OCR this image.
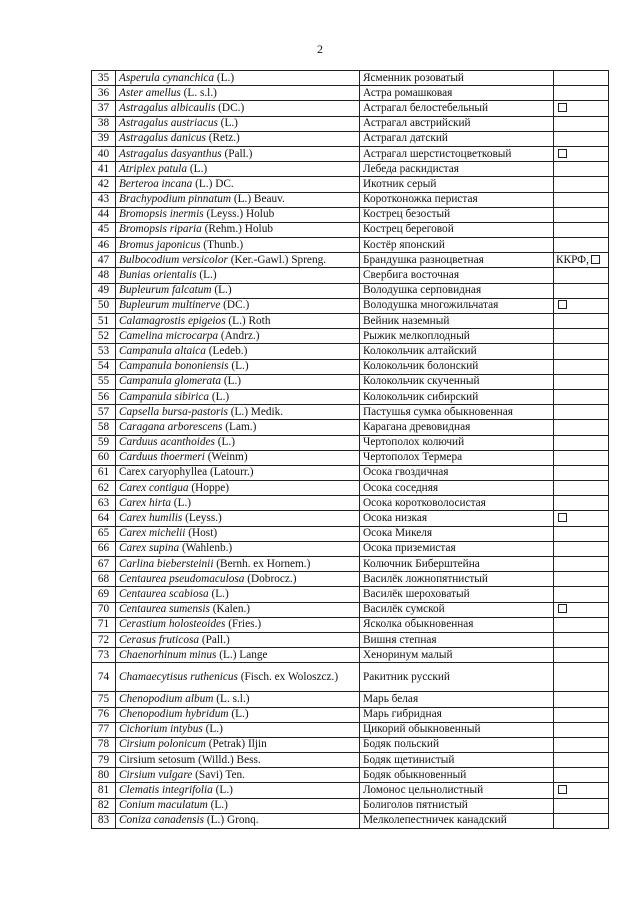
2
35	Asperula cynanchica (L.)	Ясменник розоватый	
36	Aster amellus (L. s.l.)	Астра ромашковая	
37	Astragalus albicaulis (DC.)	Астрагал белостебельный	
38	Astragalus austriacus (L.)	Астрагал австрийский	
39	Astragalus danicus (Retz.)	Астрагал датский	
40	Astragalus dasyanthus (Pall.)	Астрагал шерстистоцветковый	
41	Atriplex patula (L.)	Лебеда раскидистая	
42	Berteroa incana (L.) DC.	Икотник серый	
43	Brachypodium pinnatum (L.) Beauv.	Коротконожка перистая	
44	Bromopsis inermis (Leyss.) Holub	Кострец безостый	
45	Bromopsis riparia (Rehm.) Holub	Кострец береговой	
46	Bromus japonicus (Thunb.)	Костёр японский	
47	Bulbocodium versicolor (Ker.-Gawl.) Spreng.	Брандушка разноцветная	ККРФ,
48	Bunias orientalis (L.)	Свербига восточная	
49	Bupleurum falcatum (L.)	Володушка серповидная	
50	Bupleurum multinerve (DC.)	Володушка многожильчатая	
51	Calamagrostis epigeios (L.) Roth	Вейник наземный	
52	Camelina microcarpa (Andrz.)	Рыжик мелкоплодный	
53	Campanula altaica (Ledeb.)	Колокольчик алтайский	
54	Campanula bononiensis (L.)	Колокольчик болонский	
55	Campanula glomerata (L.)	Колокольчик скученный	
56	Campanula sibirica (L.)	Колокольчик сибирский	
57	Capsella bursa-pastoris (L.) Medik.	Пастушья сумка обыкновенная	
58	Caragana arborescens (Lam.)	Карагана древовидная	
59	Carduus acanthoides (L.)	Чертополох колючий	
60	Carduus thoermeri (Weinm)	Чертополох Термера	
61	Carex caryophyllea (Latourr.)	Осока гвоздичная	
62	Carex contigua (Hoppe)	Осока соседняя	
63	Carex hirta (L.)	Осока коротковолосистая	
64	Carex humilis (Leyss.)	Осока низкая	
65	Carex michelii (Host)	Осока Микеля	
66	Carex supina (Wahlenb.)	Осока приземистая	
67	Carlina biebersteinii (Bernh. ex Hornem.)	Колючник Биберштейна	
68	Centaurea pseudomaculosa (Dobrocz.)	Василёк ложнопятнистый	
69	Centaurea scabiosa (L.)	Василёк шероховатый	
70	Centaurea sumensis (Kalen.)	Василёк сумской	
71	Cerastium holosteoides (Fries.)	Ясколка обыкновенная	
72	Cerasus fruticosa (Pall.)	Вишня степная	
73	Chaenorhinum minus (L.) Lange	Хеноринум малый	
74	Chamaecytisus ruthenicus (Fisch. ex Woloszcz.)	Ракитник русский	
75	Chenopodium album (L. s.l.)	Марь белая	
76	Chenopodium hybridum (L.)	Марь гибридная	
77	Cichorium intybus (L.)	Цикорий обыкновенный	
78	Cirsium polonicum (Petrak) Iljin	Бодяк польский	
79	Cirsium setosum (Willd.) Bess.	Бодяк щетинистый	
80	Cirsium vulgare (Savi) Ten.	Бодяк обыкновенный	
81	Clematis integrifolia (L.)	Ломонос цельнолистный	
82	Conium maculatum (L.)	Болиголов пятнистый	
83	Coniza canadensis (L.) Gronq.	Мелколепестничек канадский	
